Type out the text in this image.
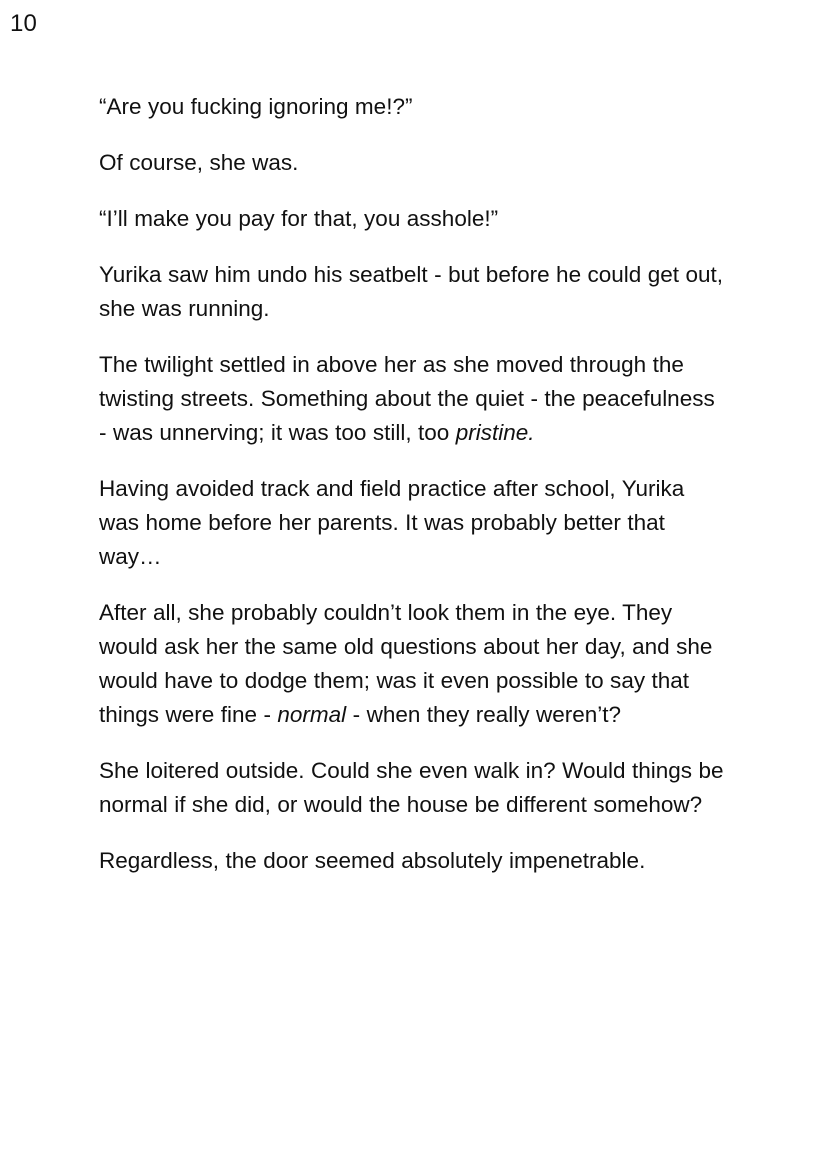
10

“Are you fucking ignoring me!?”

Of course, she was.

“I’ll make you pay for that, you asshole!”

Yurika saw him undo his seatbelt - but before he could get out, she was running.

The twilight settled in above her as she moved through the twisting streets. Something about the quiet - the peacefulness - was unnerving; it was too still, too pristine.

Having avoided track and field practice after school, Yurika was home before her parents. It was probably better that way…

After all, she probably couldn’t look them in the eye. They would ask her the same old questions about her day, and she would have to dodge them; was it even possible to say that things were fine - normal - when they really weren’t?

She loitered outside. Could she even walk in? Would things be normal if she did, or would the house be different somehow?

Regardless, the door seemed absolutely impenetrable.
